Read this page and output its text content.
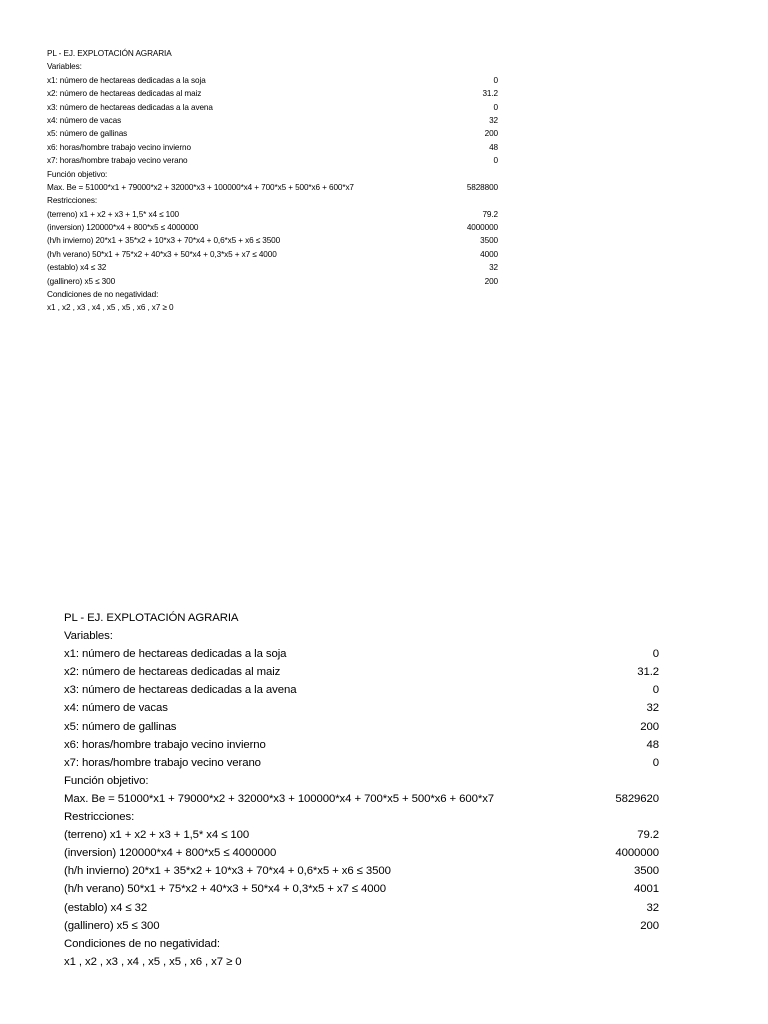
PL - EJ. EXPLOTACIÓN AGRARIA
Variables:
x1: número de hectareas dedicadas a la soja	0
x2: número de hectareas dedicadas al maiz	31.2
x3: número de hectareas dedicadas a la avena	0
x4: número de vacas	32
x5: número de gallinas	200
x6: horas/hombre trabajo vecino invierno	48
x7: horas/hombre trabajo vecino verano	0
Función objetivo:
Max. Be = 51000*x1 + 79000*x2 + 32000*x3 + 100000*x4 + 700*x5 + 500*x6 + 600*x7	5828800
Restricciones:
(terreno) x1 + x2 + x3 + 1,5* x4 ≤ 100	79.2
(inversion) 120000*x4 + 800*x5 ≤ 4000000	4000000
(h/h invierno) 20*x1 + 35*x2 + 10*x3 + 70*x4 + 0,6*x5 + x6 ≤ 3500	3500
(h/h verano) 50*x1 + 75*x2 + 40*x3 + 50*x4 + 0,3*x5 + x7 ≤ 4000	4000
(establo) x4 ≤ 32	32
(gallinero) x5 ≤ 300	200
Condiciones de no negatividad:
x1 , x2 , x3 , x4 , x5 , x5 , x6 , x7 ≥ 0
PL - EJ. EXPLOTACIÓN AGRARIA
Variables:
x1: número de hectareas dedicadas a la soja	0
x2: número de hectareas dedicadas al maiz	31.2
x3: número de hectareas dedicadas a la avena	0
x4: número de vacas	32
x5: número de gallinas	200
x6: horas/hombre trabajo vecino invierno	48
x7: horas/hombre trabajo vecino verano	0
Función objetivo:
Max. Be = 51000*x1 + 79000*x2 + 32000*x3 + 100000*x4 + 700*x5 + 500*x6 + 600*x7	5829620
Restricciones:
(terreno) x1 + x2 + x3 + 1,5* x4 ≤ 100	79.2
(inversion) 120000*x4 + 800*x5 ≤ 4000000	4000000
(h/h invierno) 20*x1 + 35*x2 + 10*x3 + 70*x4 + 0,6*x5 + x6 ≤ 3500	3500
(h/h verano) 50*x1 + 75*x2 + 40*x3 + 50*x4 + 0,3*x5 + x7 ≤ 4000	4001
(establo) x4 ≤ 32	32
(gallinero) x5 ≤ 300	200
Condiciones de no negatividad:
x1 , x2 , x3 , x4 , x5 , x5 , x6 , x7 ≥ 0
